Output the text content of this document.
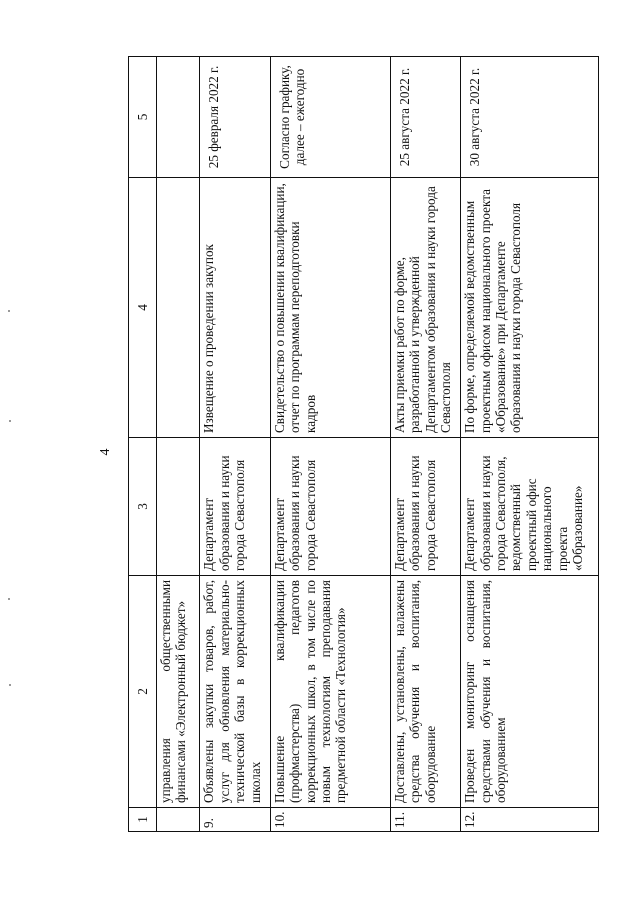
4
1	2	3	4	5
	управления общественными финансами «Электронный бюджет»			
9.	Объявлены закупки товаров, работ, услуг для обновления материально-технической базы в коррекционных школах	Департамент образования и науки города Севастополя	Извещение о проведении закупок	25 февраля 2022 г.
10.	Повышение квалификации (профмастерства) педагогов коррекционных школ, в том числе по новым технологиям преподавания предметной области «Технология»	Департамент образования и науки города Севастополя	Свидетельство о повышении квалификации, отчет по программам переподготовки кадров	Согласно графику, далее – ежегодно
11.	Доставлены, установлены, налажены средства обучения и воспитания, оборудование	Департамент образования и науки города Севастополя	Акты приемки работ по форме, разработанной и утвержденной Департаментом образования и науки города Севастополя	25 августа 2022 г.
12.	Проведен мониторинг оснащения средствами обучения и воспитания, оборудованием	Департамент образования и науки города Севастополя, ведомственный проектный офис национального проекта «Образование»	По форме, определяемой ведомственным проектным офисом национального проекта «Образование» при Департаменте образования и науки города Севастополя	30 августа 2022 г.
